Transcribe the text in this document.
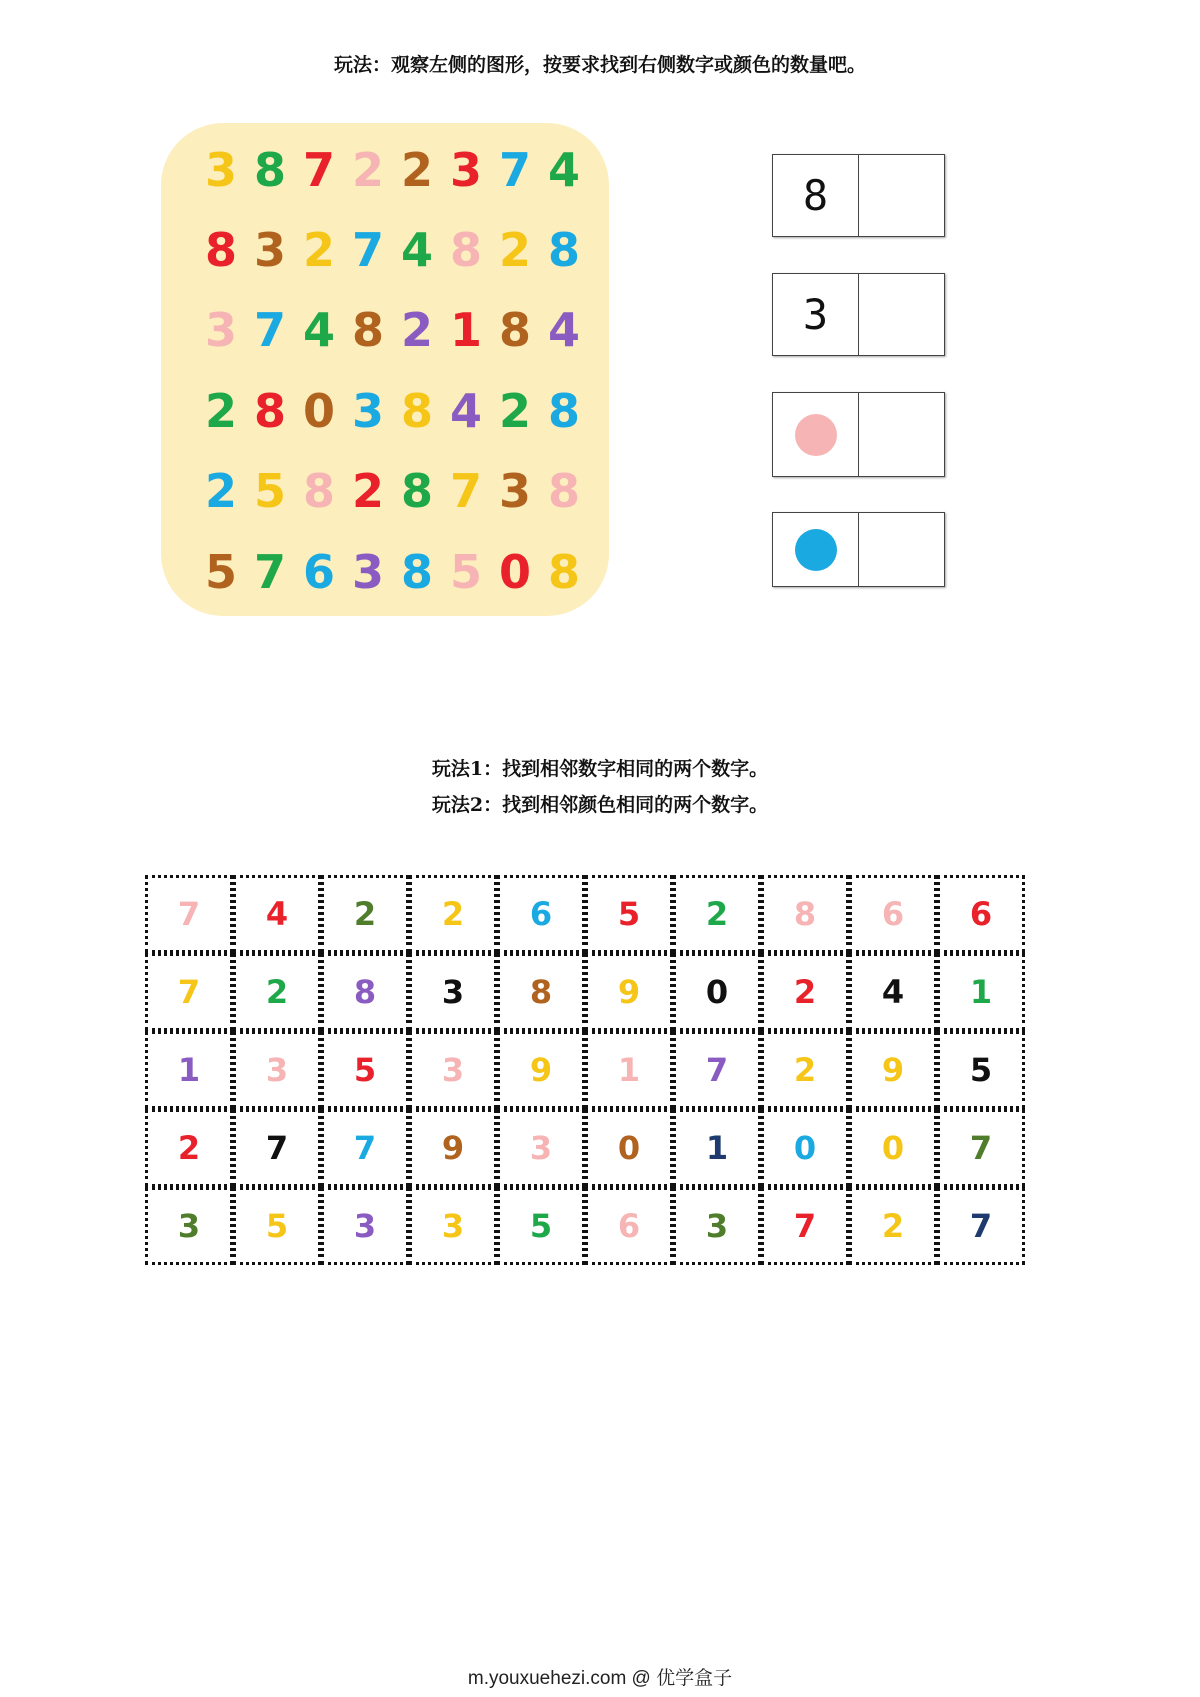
玩法：观察左侧的图形，按要求找到右侧数字或颜色的数量吧。
3 8 7 2 2 3 7 4
8 3 2 7 4 8 2 8
3 7 4 8 2 1 8 4
2 8 0 3 8 4 2 8
2 5 8 2 8 7 3 8
5 7 6 3 8 5 0 8
8
3
玩法1：找到相邻数字相同的两个数字。
玩法2：找到相邻颜色相同的两个数字。
7	4	2	2	6	5	2	8	6	6
7	2	8	3	8	9	0	2	4	1
1	3	5	3	9	1	7	2	9	5
2	7	7	9	3	0	1	0	0	7
3	5	3	3	5	6	3	7	2	7
m.youxuehezi.com @ 优学盒子
